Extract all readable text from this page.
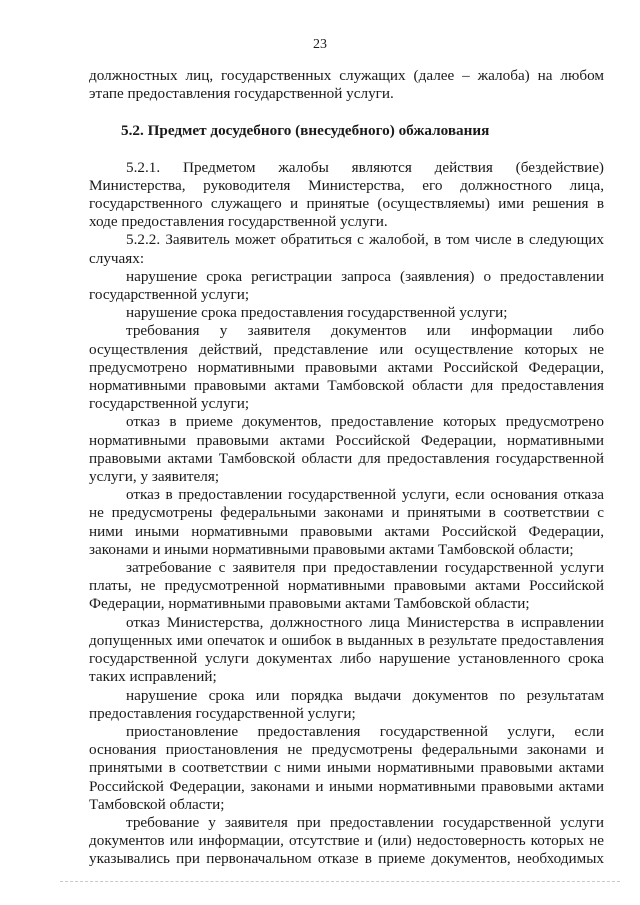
23

должностных лиц, государственных служащих (далее – жалоба) на любом этапе предоставления государственной услуги.

5.2. Предмет досудебного (внесудебного) обжалования

5.2.1. Предметом жалобы являются действия (бездействие) Министерства, руководителя Министерства, его должностного лица, государственного служащего и принятые (осуществляемы) ими решения в ходе предоставления государственной услуги.

5.2.2. Заявитель может обратиться с жалобой, в том числе в следующих случаях:

нарушение срока регистрации запроса (заявления) о предоставлении государственной услуги;

нарушение срока предоставления государственной услуги;

требования у заявителя документов или информации либо осуществления действий, представление или осуществление которых не предусмотрено нормативными правовыми актами Российской Федерации, нормативными правовыми актами Тамбовской области для предоставления государственной услуги;

отказ в приеме документов, предоставление которых предусмотрено нормативными правовыми актами Российской Федерации, нормативными правовыми актами Тамбовской области для предоставления государственной услуги, у заявителя;

отказ в предоставлении государственной услуги, если основания отказа не предусмотрены федеральными законами и принятыми в соответствии с ними иными нормативными правовыми актами Российской Федерации, законами и иными нормативными правовыми актами Тамбовской области;

затребование с заявителя при предоставлении государственной услуги платы, не предусмотренной нормативными правовыми актами Российской Федерации, нормативными правовыми актами Тамбовской области;

отказ Министерства, должностного лица Министерства в исправлении допущенных ими опечаток и ошибок в выданных в результате предоставления государственной услуги документах либо нарушение установленного срока таких исправлений;

нарушение срока или порядка выдачи документов по результатам предоставления государственной услуги;

приостановление предоставления государственной услуги, если основания приостановления не предусмотрены федеральными законами и принятыми в соответствии с ними иными нормативными правовыми актами Российской Федерации, законами и иными нормативными правовыми актами Тамбовской области;

требование у заявителя при предоставлении государственной услуги документов или информации, отсутствие и (или) недостоверность которых не указывались при первоначальном отказе в приеме документов, необходимых
